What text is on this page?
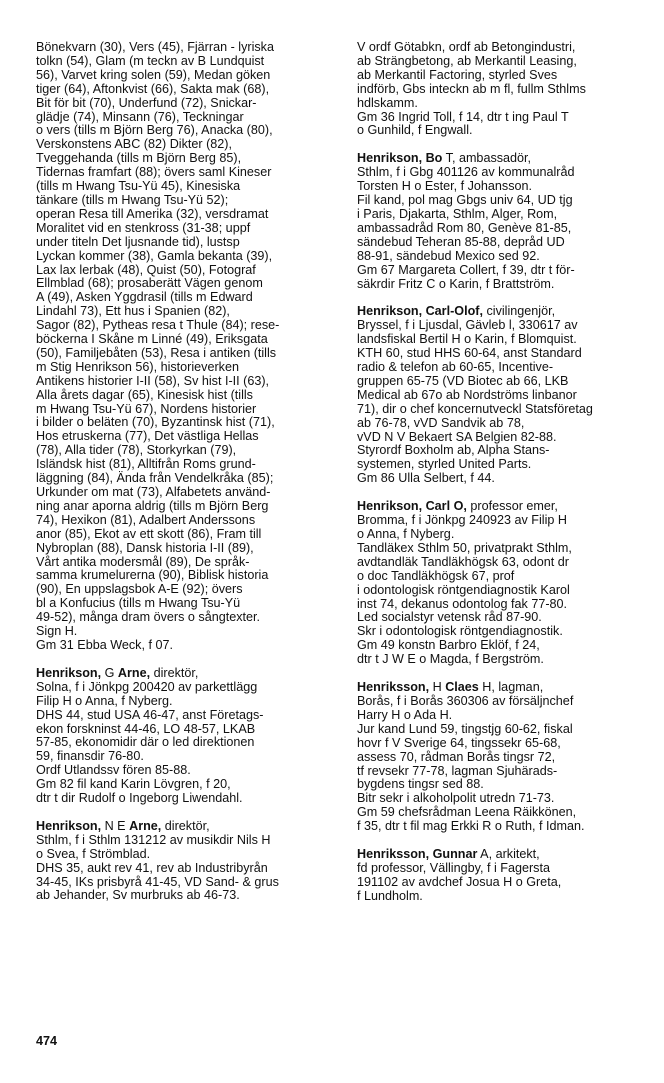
Bönekvarn (30), Vers (45), Fjärran - lyriska
tolkn (54), Glam (m teckn av B Lundquist
56), Varvet kring solen (59), Medan göken
tiger (64), Aftonkvist (66), Sakta mak (68),
Bit för bit (70), Underfund (72), Snickar-
glädje (74), Minsann (76), Teckningar
o vers (tills m Björn Berg 76), Anacka (80),
Verskonstens ABC (82) Dikter (82),
Tveggehanda (tills m Björn Berg 85),
Tidernas framfart (88); övers saml Kineser
(tills m Hwang Tsu-Yü 45), Kinesiska
tänkare (tills m Hwang Tsu-Yü 52);
operan Resa till Amerika (32), versdramat
Moralitet vid en stenkross (31-38; uppf
under titeln Det ljusnande tid), lustsp
Lyckan kommer (38), Gamla bekanta (39),
Lax lax lerbak (48), Quist (50), Fotograf
Ellmblad (68); prosaberätt Vägen genom
A (49), Asken Yggdrasil (tills m Edward
Lindahl 73), Ett hus i Spanien (82),
Sagor (82), Pytheas resa t Thule (84); rese-
böckerna I Skåne m Linné (49), Eriksgata
(50), Familjebåten (53), Resa i antiken (tills
m Stig Henrikson 56), historieverken
Antikens historier I-II (58), Sv hist I-II (63),
Alla årets dagar (65), Kinesisk hist (tills
m Hwang Tsu-Yü 67), Nordens historier
i bilder o beläten (70), Byzantinsk hist (71),
Hos etruskerna (77), Det västliga Hellas
(78), Alla tider (78), Storkyrkan (79),
Isländsk hist (81), Alltifrån Roms grund-
läggning (84), Ända från Vendelkråka (85);
Urkunder om mat (73), Alfabetets använd-
ning anar aporna aldrig (tills m Björn Berg
74), Hexikon (81), Adalbert Anderssons
anor (85), Ekot av ett skott (86), Fram till
Nybroplan (88), Dansk historia I-II (89),
Vårt antika modersmål (89), De språk-
samma krumelurerna (90), Biblisk historia
(90), En uppslagsbok A-E (92); övers
bl a Konfucius (tills m Hwang Tsu-Yü
49-52), många dram övers o sångtexter.
Sign H.
Gm 31 Ebba Weck, f 07.
Henrikson, G Arne, direktör,
Solna, f i Jönkpg 200420 av parkettlägg
Filip H o Anna, f Nyberg.
DHS 44, stud USA 46-47, anst Företags-
ekon forskninst 44-46, LO 48-57, LKAB
57-85, ekonomidir där o led direktionen
59, finansdir 76-80.
Ordf Utlandssv fören 85-88.
Gm 82 fil kand Karin Lövgren, f 20,
dtr t dir Rudolf o Ingeborg Liwendahl.
Henrikson, N E Arne, direktör,
Sthlm, f i Sthlm 131212 av musikdir Nils H
o Svea, f Strömblad.
DHS 35, aukt rev 41, rev ab Industribyrån
34-45, IKs prisbyrå 41-45, VD Sand- & grus
ab Jehander, Sv murbruks ab 46-73.
V ordf Götabkn, ordf ab Betongindustri,
ab Strängbetong, ab Merkantil Leasing,
ab Merkantil Factoring, styrled Sves
indförb, Gbs inteckn ab m fl, fullm Sthlms
hdlskamm.
Gm 36 Ingrid Toll, f 14, dtr t ing Paul T
o Gunhild, f Engwall.
Henrikson, Bo T, ambassadör,
Sthlm, f i Gbg 401126 av kommunalråd
Torsten H o Ester, f Johansson.
Fil kand, pol mag Gbgs univ 64, UD tjg
i Paris, Djakarta, Sthlm, Alger, Rom,
ambassadråd Rom 80, Genève 81-85,
sändebud Teheran 85-88, depråd UD
88-91, sändebud Mexico sed 92.
Gm 67 Margareta Collert, f 39, dtr t för-
säkrdir Fritz C o Karin, f Brattström.
Henrikson, Carl-Olof, civilingenjör,
Bryssel, f i Ljusdal, Gävleb l, 330617 av
landsfiskal Bertil H o Karin, f Blomquist.
KTH 60, stud HHS 60-64, anst Standard
radio & telefon ab 60-65, Incentive-
gruppen 65-75 (VD Biotec ab 66, LKB
Medical ab 67o ab Nordströms linbanor
71), dir o chef koncernutveckl Statsföretag
ab 76-78, vVD Sandvik ab 78,
vVD N V Bekaert SA Belgien 82-88.
Styrordf Boxholm ab, Alpha Stans-
systemen, styrled United Parts.
Gm 86 Ulla Selbert, f 44.
Henrikson, Carl O, professor emer,
Bromma, f i Jönkpg 240923 av Filip H
o Anna, f Nyberg.
Tandläkex Sthlm 50, privatprakt Sthlm,
avdtandläk Tandläkhögsk 63, odont dr
o doc Tandläkhögsk 67, prof
i odontologisk röntgendiagnostik Karol
inst 74, dekanus odontolog fak 77-80.
Led socialstyr vetensk råd 87-90.
Skr i odontologisk röntgendiagnostik.
Gm 49 konstn Barbro Eklöf, f 24,
dtr t J W E o Magda, f Bergström.
Henriksson, H Claes H, lagman,
Borås, f i Borås 360306 av försäljnchef
Harry H o Ada H.
Jur kand Lund 59, tingstjg 60-62, fiskal
hovr f V Sverige 64, tingssekr 65-68,
assess 70, rådman Borås tingsr 72,
tf revsekr 77-78, lagman Sjuhärads-
bygdens tingsr sed 88.
Bitr sekr i alkoholpolit utredn 71-73.
Gm 59 chefsrådman Leena Räikkönen,
f 35, dtr t fil mag Erkki R o Ruth, f Idman.
Henriksson, Gunnar A, arkitekt,
fd professor, Vällingby, f i Fagersta
191102 av avdchef Josua H o Greta,
f Lundholm.
474
